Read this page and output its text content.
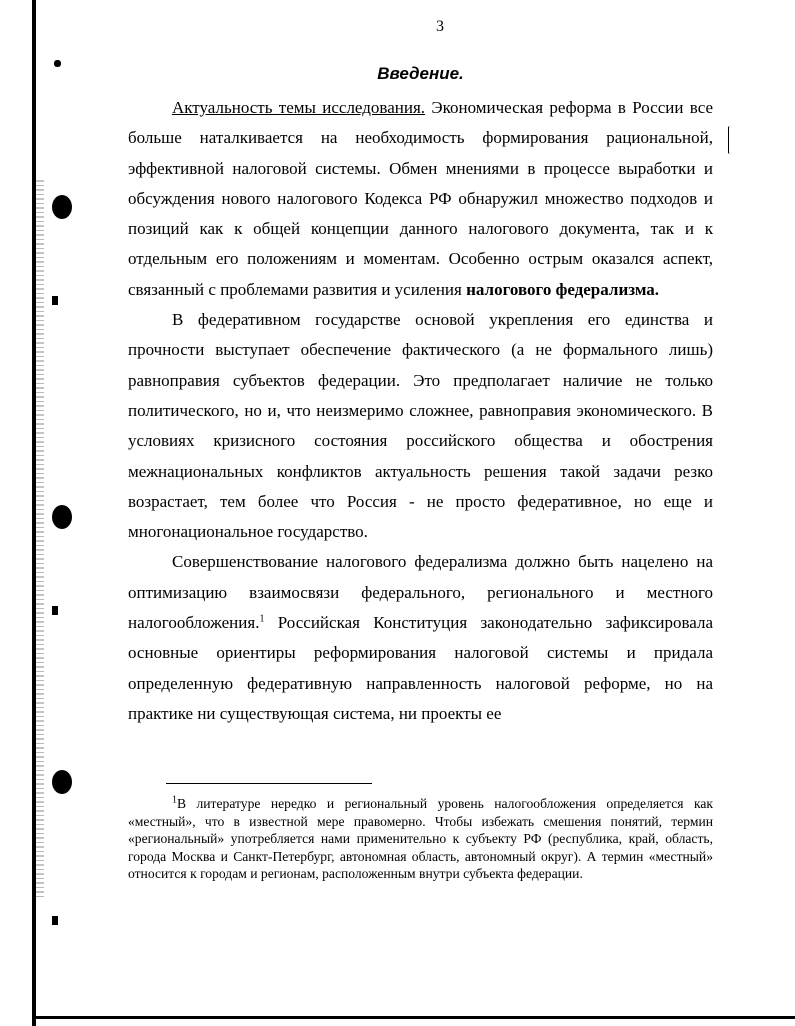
3
Введение.

Актуальность темы исследования. Экономическая реформа в России все больше наталкивается на необходимость формирования рациональной, эффективной налоговой системы. Обмен мнениями в процессе выработки и обсуждения нового налогового Кодекса РФ обнаружил множество подходов и позиций как к общей концепции данного налогового документа, так и к отдельным его положениям и моментам. Особенно острым оказался аспект, связанный с проблемами развития и усиления налогового федерализма.

В федеративном государстве основой укрепления его единства и прочности выступает обеспечение фактического (а не формального лишь) равноправия субъектов федерации. Это предполагает наличие не только политического, но и, что неизмеримо сложнее, равноправия экономического. В условиях кризисного состояния российского общества и обострения межнациональных конфликтов актуальность решения такой задачи резко возрастает, тем более что Россия - не просто федеративное, но еще и многонациональное государство.

Совершенствование налогового федерализма должно быть нацелено на оптимизацию взаимосвязи федерального, регионального и местного налогообложения.$^1$ Российская Конституция законодательно зафиксировала основные ориентиры реформирования налоговой системы и придала определенную федеративную направленность налоговой реформе, но на практике ни существующая система, ни проекты ее

$^1$В литературе нередко и региональный уровень налогообложения определяется как «местный», что в известной мере правомерно. Чтобы избежать смешения понятий, термин «региональный» употребляется нами применительно к субъекту РФ (республика, край, область, города Москва и Санкт-Петербург, автономная область, автономный округ). А термин «местный» относится к городам и регионам, расположенным внутри субъекта федерации.
